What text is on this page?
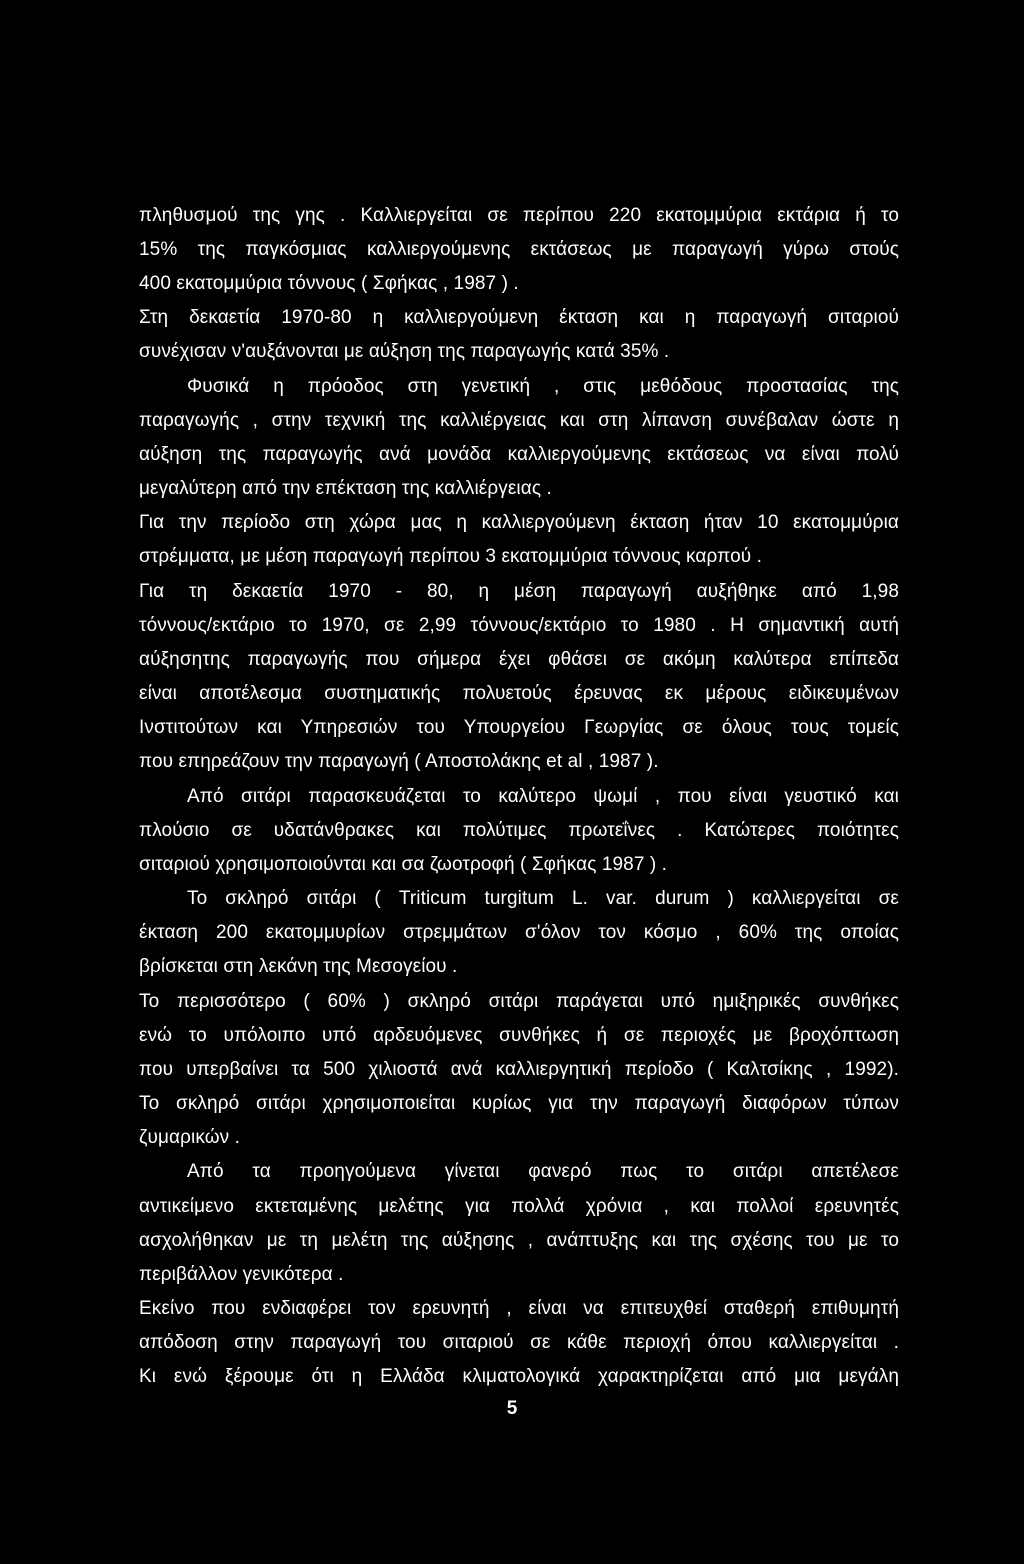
πληθυσμού της γης . Καλλιεργείται σε περίπου 220 εκατομμύρια εκτάρια ή το
15% της παγκόσμιας καλλιεργούμενης εκτάσεως με παραγωγή γύρω στούς
400 εκατομμύρια τόννους ( Σφήκας , 1987 ) .
Στη δεκαετία 1970-80 η καλλιεργούμενη έκταση και η παραγωγή σιταριού
συνέχισαν ν'αυξάνονται με αύξηση της παραγωγής κατά 35% .
Φυσικά η πρόοδος στη γενετική , στις μεθόδους προστασίας της
παραγωγής , στην τεχνική της καλλιέργειας και στη λίπανση συνέβαλαν ώστε η
αύξηση της παραγωγής ανά μονάδα καλλιεργούμενης εκτάσεως να είναι πολύ
μεγαλύτερη από την επέκταση της καλλιέργειας .
Για την περίοδο στη χώρα μας η καλλιεργούμενη έκταση ήταν 10 εκατομμύρια
στρέμματα, με μέση παραγωγή περίπου 3 εκατομμύρια τόννους καρπού .
Για τη δεκαετία 1970 - 80, η μέση παραγωγή αυξήθηκε από 1,98
τόννους/εκτάριο το 1970, σε 2,99 τόννους/εκτάριο το 1980 . Η σημαντική αυτή
αύξησητης παραγωγής που σήμερα έχει φθάσει σε ακόμη καλύτερα επίπεδα
είναι αποτέλεσμα συστηματικής πολυετούς έρευνας εκ μέρους ειδικευμένων
Ινστιτούτων και Υπηρεσιών του Υπουργείου Γεωργίας σε όλους τους τομείς
που επηρεάζουν την παραγωγή ( Αποστολάκης et al , 1987 ).
Από σιτάρι παρασκευάζεται το καλύτερο ψωμί , που είναι γευστικό και
πλούσιο σε υδατάνθρακες και πολύτιμες πρωτεΐνες . Κατώτερες ποιότητες
σιταριού χρησιμοποιούνται και σα ζωοτροφή ( Σφήκας 1987 ) .
Το σκληρό σιτάρι ( Triticum turgitum L. var. durum ) καλλιεργείται σε
έκταση 200 εκατομμυρίων στρεμμάτων σ'όλον τον κόσμο , 60% της οποίας
βρίσκεται στη λεκάνη της Μεσογείου .
Το περισσότερο ( 60% ) σκληρό σιτάρι παράγεται υπό ημιξηρικές συνθήκες
ενώ το υπόλοιπο υπό αρδευόμενες συνθήκες ή σε περιοχές με βροχόπτωση
που υπερβαίνει τα 500 χιλιοστά ανά καλλιεργητική περίοδο ( Καλτσίκης , 1992).
Το σκληρό σιτάρι χρησιμοποιείται κυρίως για την παραγωγή διαφόρων τύπων
ζυμαρικών .
Από τα προηγούμενα γίνεται φανερό πως το σιτάρι απετέλεσε
αντικείμενο εκτεταμένης μελέτης για πολλά χρόνια , και πολλοί ερευνητές
ασχολήθηκαν με τη μελέτη της αύξησης , ανάπτυξης και της σχέσης του με το
περιβάλλον γενικότερα .
Εκείνο που ενδιαφέρει τον ερευνητή , είναι να επιτευχθεί σταθερή επιθυμητή
απόδοση στην παραγωγή του σιταριού σε κάθε περιοχή όπου καλλιεργείται .
Κι ενώ ξέρουμε ότι η Ελλάδα κλιματολογικά χαρακτηρίζεται από μια μεγάλη
5
